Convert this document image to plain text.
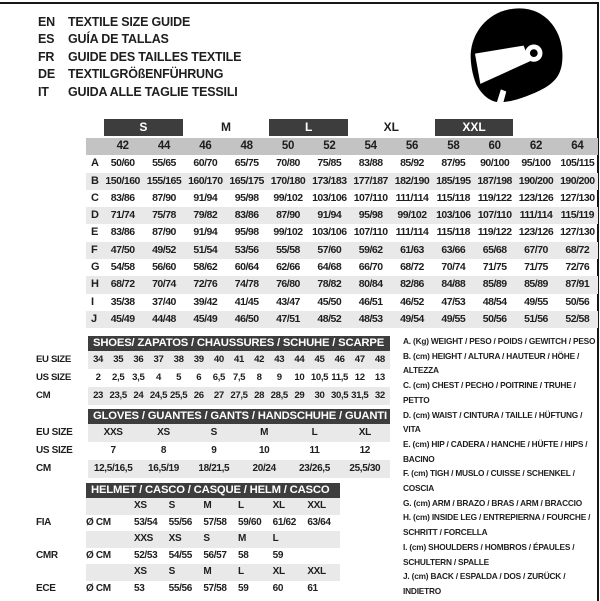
EN	TEXTILE SIZE GUIDE
ES	GUÍA DE TALLAS
FR	GUIDE DES TAILLES TEXTILE
DE	TEXTILGRÖßENFÜHRUNG
IT	GUIDA ALLE TAGLIE TESSILI
S	M	L	XL	XXL
42	44	46	48	50	52	54	56	58	60	62	64
A	50/60	55/65	60/70	65/75	70/80	75/85	83/88	85/92	87/95	90/100	95/100 105/115
B 150/160 155/165 160/170 165/175 170/180 173/183 177/187 182/190 185/195 187/198 190/200 190/200
C	83/86	87/90	91/94	95/98	99/102 103/106 107/110 111/114 115/118 119/122 123/126 127/130
D	71/74	75/78	79/82	83/86	87/90	91/94	95/98	99/102 103/106 107/110 111/114 115/119
E	83/86	87/90	91/94	95/98	99/102 103/106 107/110 111/114 115/118 119/122 123/126 127/130
F	47/50	49/52	51/54	53/56	55/58	57/60	59/62	61/63	63/66	65/68	67/70	68/72
G	54/58	56/60	58/62	60/64	62/66	64/68	66/70	68/72	70/74	71/75	71/75	72/76
H	68/72	70/74	72/76	74/78	76/80	78/82	80/84	82/86	84/88	85/89	85/89	87/91
I	35/38	37/40	39/42	41/45	43/47	45/50	46/51	46/52	47/53	48/54	49/55	50/56
J	45/49	44/48	45/49	46/50	47/51	48/52	48/53	49/54	49/55	50/56	51/56	52/58
SHOES/ ZAPATOS / CHAUSSURES / SCHUHE / SCARPE
EU SIZE	34	35	36	37	38	39	40	41	42	43	44	45	46	47	48
US SIZE	2	2,5 3,5	4	5	6	6,5 7,5	8	9	10 10,5 11,5 12	13
CM	23 23,5 24 24,5 25,5 26	27 27,5 28 28,5 29	30 30,5 31,5 32
GLOVES / GUANTES / GANTS / HANDSCHUHE / GUANTI
EU SIZE	XXS	XS	S	M	L	XL
US SIZE	7	8	9	10	11	12
CM	12,5/16,5	16,5/19	18/21,5	20/24	23/26,5	25,5/30
HELMET / CASCO / CASQUE / HELM / CASCO
XS	S	M	L	XL	XXL
FIA	Ø CM	53/54	55/56	57/58	59/60	61/62	63/64
XXS	XS	S	M	L
CMR	Ø CM	52/53	54/55	56/57	58	59
XS	S	M	L	XL	XXL
ECE	Ø CM	53	55/56	57/58	59	60	61
A. (Kg) WEIGHT / PESO / POIDS / GEWITCH / PESO
B. (cm) HEIGHT / ALTURA / HAUTEUR / HÖHE / ALTEZZA
C. (cm) CHEST / PECHO / POITRINE / TRUHE / PETTO
D. (cm) WAIST / CINTURA / TAILLE / HÜFTUNG / VITA
E. (cm) HIP / CADERA / HANCHE / HÜFTE / HIPS / BACINO
F. (cm) TIGH / MUSLO / CUISSE / SCHENKEL / COSCIA
G. (cm) ARM / BRAZO / BRAS / ARM / BRACCIO
H. (cm) INSIDE LEG / ENTREPIERNA / FOURCHE / SCHRITT / FORCELLA
I. (cm) SHOULDERS / HOMBROS / ÉPAULES / SCHULTERN / SPALLE
J. (cm) BACK / ESPALDA / DOS / ZURÜCK / INDIETRO
